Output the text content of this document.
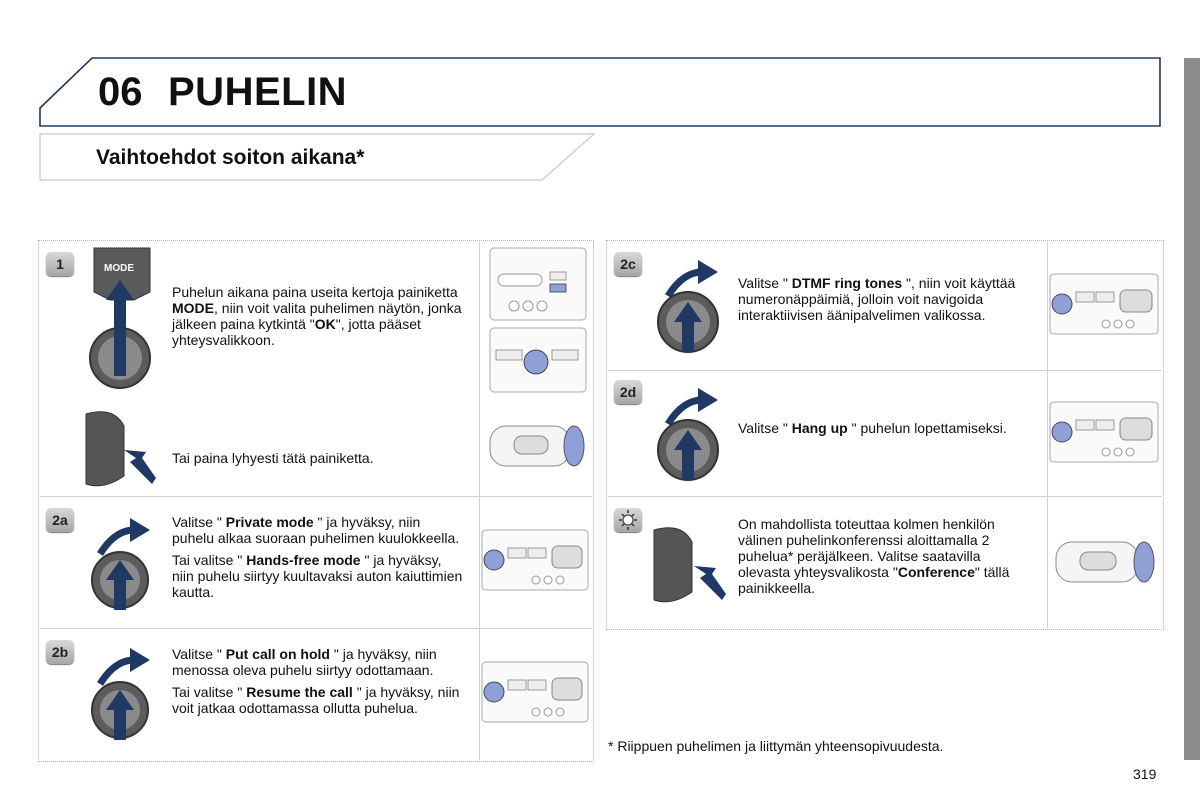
06 PUHELIN
Vaihtoehdot soiton aikana*
1	MODE

Puhelun aikana paina useita kertoja painiketta MODE, niin voit valita puhelimen näytön, jonka jälkeen paina kytkintä "OK", jotta pääset yhteysvalikkoon.

Tai paina lyhyesti tätä painiketta.
2a	Valitse " Private mode " ja hyväksy, niin puhelu alkaa suoraan puhelimen kuulokkeella.

Tai valitse " Hands-free mode " ja hyväksy, niin puhelu siirtyy kuultavaksi auton kaiuttimien kautta.

2b	Valitse " Put call on hold " ja hyväksy, niin menossa oleva puhelu siirtyy odottamaan.

Tai valitse " Resume the call " ja hyväksy, niin voit jatkaa odottamassa ollutta puhelua.

2c

Valitse " DTMF ring tones ", niin voit käyttää numeronäppäimiä, jolloin voit navigoida interaktiivisen äänipalvelimen valikossa.

2d

Valitse " Hang up " puhelun lopettamiseksi.

On mahdollista toteuttaa kolmen henkilön välinen puhelinkonferenssi aloittamalla 2 puhelua* peräjälkeen. Valitse saatavilla olevasta yhteysvalikosta "Conference" tällä painikkeella.

* Riippuen puhelimen ja liittymän yhteensopivuudesta.
319
